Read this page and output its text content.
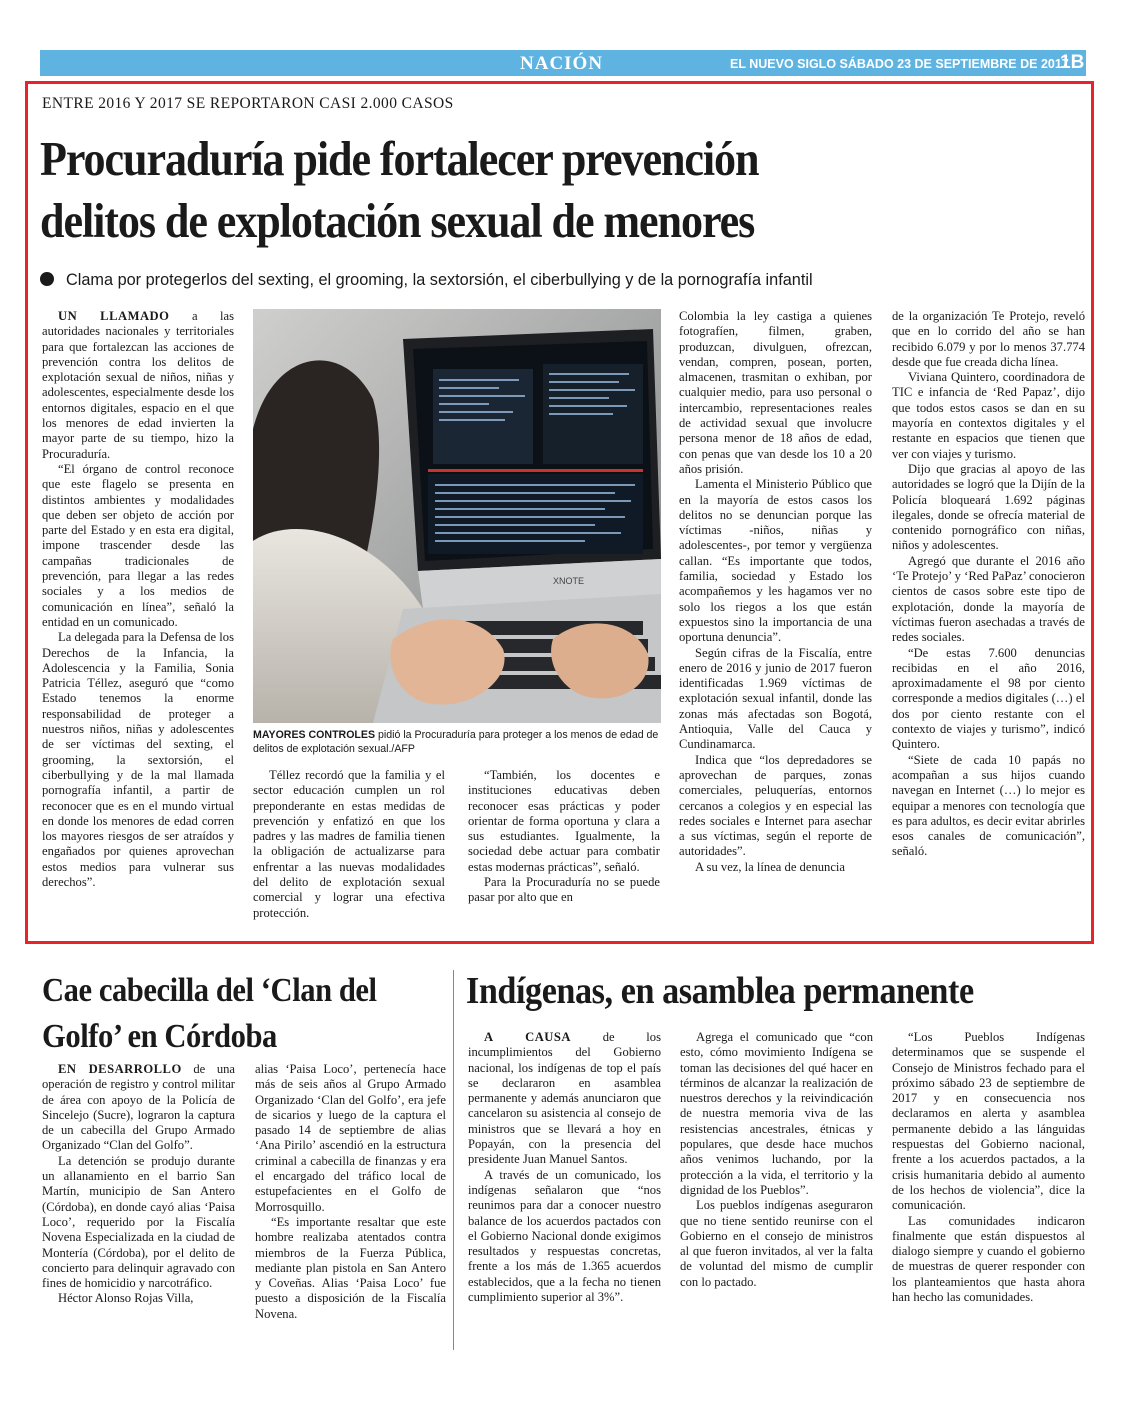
NACIÓN	EL NUEVO SIGLO SÁBADO 23 DE SEPTIEMBRE DE 2017
1B
ENTRE 2016 Y 2017 SE REPORTARON CASI 2.000 CASOS
Procuraduría pide fortalecer prevención
delitos de explotación sexual de menores
Clama por protegerlos del sexting, el grooming, la sextorsión, el ciberbullying y de la pornografía infantil

UN LLAMADO a las autoridades nacionales y territoriales para que fortalezcan las acciones de prevención contra los delitos de explotación sexual de niños, niñas y adolescentes, especialmente desde los entornos digitales, espacio en el que los menores de edad invierten la mayor parte de su tiempo, hizo la Procuraduría.

“El órgano de control reconoce que este flagelo se presenta en distintos ambientes y modalidades que deben ser objeto de acción por parte del Estado y en esta era digital, impone trascender desde las campañas tradicionales de prevención, para llegar a las redes sociales y a los medios de comunicación en línea”, señaló la entidad en un comunicado.

La delegada para la Defensa de los Derechos de la Infancia, la Adolescencia y la Familia, Sonia Patricia Téllez, aseguró que “como Estado tenemos la enorme responsabilidad de proteger a nuestros niños, niñas y adolescentes de ser víctimas del sexting, el grooming, la sextorsión, el ciberbullying y de la mal llamada pornografía infantil, a partir de reconocer que es en el mundo virtual en donde los menores de edad corren los mayores riesgos de ser atraídos y engañados por quienes aprovechan estos medios para vulnerar sus derechos”.

XNOTE
MAYORES CONTROLES pidió la Procuraduría para proteger a los menos de edad de delitos de explotación sexual./AFP

Téllez recordó que la familia y el sector educación cumplen un rol preponderante en estas medidas de prevención y enfatizó en que los padres y las madres de familia tienen la obligación de actualizarse para enfrentar a las nuevas modalidades del delito de explotación sexual comercial y lograr una efectiva protección.

“También, los docentes e instituciones educativas deben reconocer esas prácticas y poder orientar de forma oportuna y clara a sus estudiantes. Igualmente, la sociedad debe actuar para combatir estas modernas prácticas”, señaló.

Para la Procuraduría no se puede pasar por alto que en

Colombia la ley castiga a quienes fotografíen, filmen, graben, produzcan, divulguen, ofrezcan, vendan, compren, posean, porten, almacenen, trasmitan o exhiban, por cualquier medio, para uso personal o intercambio, representaciones reales de actividad sexual que involucre persona menor de 18 años de edad, con penas que van desde los 10 a 20 años prisión.

Lamenta el Ministerio Público que en la mayoría de estos casos los delitos no se denuncian porque las víctimas -niños, niñas y adolescentes-, por temor y vergüenza callan. “Es importante que todos, familia, sociedad y Estado los acompañemos y les hagamos ver no solo los riegos a los que están expuestos sino la importancia de una oportuna denuncia”.

Según cifras de la Fiscalía, entre enero de 2016 y junio de 2017 fueron identificadas 1.969 víctimas de explotación sexual infantil, donde las zonas más afectadas son Bogotá, Antioquia, Valle del Cauca y Cundinamarca.

Indica que “los depredadores se aprovechan de parques, zonas comerciales, peluquerías, entornos cercanos a colegios y en especial las redes sociales e Internet para asechar a sus víctimas, según el reporte de autoridades”.

A su vez, la línea de denuncia

de la organización Te Protejo, reveló que en lo corrido del año se han recibido 6.079 y por lo menos 37.774 desde que fue creada dicha línea.

Viviana Quintero, coordinadora de TIC e infancia de ‘Red Papaz’, dijo que todos estos casos se dan en su mayoría en contextos digitales y el restante en espacios que tienen que ver con viajes y turismo.

Dijo que gracias al apoyo de las autoridades se logró que la Dijín de la Policía bloqueará 1.692 páginas ilegales, donde se ofrecía material de contenido pornográfico con niñas, niños y adolescentes.

Agregó que durante el 2016 año ‘Te Protejo’ y ‘Red PaPaz’ conocieron cientos de casos sobre este tipo de explotación, donde la mayoría de víctimas fueron asechadas a través de redes sociales.

“De estas 7.600 denuncias recibidas en el año 2016, aproximadamente el 98 por ciento corresponde a medios digitales (…) el dos por ciento restante con el contexto de viajes y turismo”, indicó Quintero.

“Siete de cada 10 papás no acompañan a sus hijos cuando navegan en Internet (…) lo mejor es equipar a menores con tecnología que es para adultos, es decir evitar abrirles esos canales de comunicación”, señaló.

Cae cabecilla del ‘Clan del Golfo’ en Córdoba

EN DESARROLLO de una operación de registro y control militar de área con apoyo de la Policía de Sincelejo (Sucre), lograron la captura de un cabecilla del Grupo Armado Organizado “Clan del Golfo”.

La detención se produjo durante un allanamiento en el barrio San Martín, municipio de San Antero (Córdoba), en donde cayó alias ‘Paisa Loco’, requerido por la Fiscalía Novena Especializada en la ciudad de Montería (Córdoba), por el delito de concierto para delinquir agravado con fines de homicidio y narcotráfico.

Héctor Alonso Rojas Villa,

alias ‘Paisa Loco’, pertenecía hace más de seis años al Grupo Armado Organizado ‘Clan del Golfo’, era jefe de sicarios y luego de la captura el pasado 14 de septiembre de alias ‘Ana Pirilo’ ascendió en la estructura criminal a cabecilla de finanzas y era el encargado del tráfico local de estupefacientes en el Golfo de Morrosquillo.

“Es importante resaltar que este hombre realizaba atentados contra miembros de la Fuerza Pública, mediante plan pistola en San Antero y Coveñas. Alias ‘Paisa Loco’ fue puesto a disposición de la Fiscalía Novena.

Indígenas, en asamblea permanente

A CAUSA	de los incumplimientos del Gobierno nacional, los indígenas de top el país se declararon en asamblea permanente y además anunciaron que cancelaron su asistencia al consejo de ministros que se llevará a hoy en Popayán, con la presencia del presidente Juan Manuel Santos.

A través de un comunicado, los indígenas señalaron que “nos reunimos para dar a conocer nuestro balance de los acuerdos pactados con el Gobierno Nacional donde exigimos resultados y respuestas concretas, frente a los más de 1.365 acuerdos establecidos, que a la fecha no tienen cumplimiento superior al 3%”.

Agrega el comunicado que “con esto, cómo movimiento Indígena se toman las decisiones del qué hacer en términos de alcanzar la realización de nuestros derechos y la reivindicación de nuestra memoria viva de las resistencias ancestrales, étnicas y populares, que desde hace muchos años venimos luchando, por la protección a la vida, el territorio y la dignidad de los Pueblos”.

Los pueblos indígenas aseguraron que no tiene sentido reunirse con el Gobierno en el consejo de ministros al que fueron invitados, al ver la falta de voluntad del mismo de cumplir con lo pactado.

“Los Pueblos Indígenas determinamos que se suspende el Consejo de Ministros fechado para el próximo sábado 23 de septiembre de 2017 y en consecuencia nos declaramos en alerta y asamblea permanente debido a las lánguidas respuestas del Gobierno nacional, frente a los acuerdos pactados, a la crisis humanitaria debido al aumento de los hechos de violencia”, dice la comunicación.

Las comunidades indicaron finalmente que están dispuestos al dialogo siempre y cuando el gobierno de muestras de querer responder con los planteamientos que hasta ahora han hecho las comunidades.
